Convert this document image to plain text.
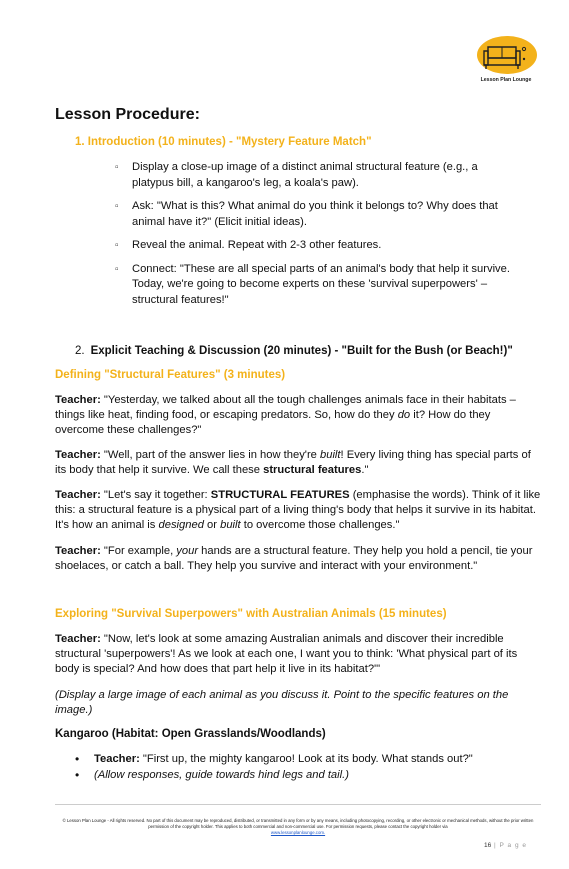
Lesson Plan Lounge
Lesson Procedure:
1. Introduction (10 minutes) - "Mystery Feature Match"
▫ Display a close-up image of a distinct animal structural feature (e.g., a platypus bill, a kangaroo's leg, a koala's paw).
▫ Ask: "What is this? What animal do you think it belongs to? Why does that animal have it?" (Elicit initial ideas).
▫ Reveal the animal. Repeat with 2-3 other features.
▫ Connect: "These are all special parts of an animal's body that help it survive. Today, we're going to become experts on these 'survival superpowers' – structural features!"
2. Explicit Teaching & Discussion (20 minutes) - "Built for the Bush (or Beach!)"
Defining "Structural Features" (3 minutes)
Teacher: "Yesterday, we talked about all the tough challenges animals face in their habitats – things like heat, finding food, or escaping predators. So, how do they do it? How do they overcome these challenges?"
Teacher: "Well, part of the answer lies in how they're built! Every living thing has special parts of its body that help it survive. We call these structural features."
Teacher: "Let's say it together: STRUCTURAL FEATURES (emphasise the words). Think of it like this: a structural feature is a physical part of a living thing's body that helps it survive in its habitat. It's how an animal is designed or built to overcome those challenges."
Teacher: "For example, your hands are a structural feature. They help you hold a pencil, tie your shoelaces, or catch a ball. They help you survive and interact with your environment."
Exploring "Survival Superpowers" with Australian Animals (15 minutes)
Teacher: "Now, let's look at some amazing Australian animals and discover their incredible structural 'superpowers'! As we look at each one, I want you to think: 'What physical part of its body is special? And how does that part help it live in its habitat?'"
(Display a large image of each animal as you discuss it. Point to the specific features on the image.)
Kangaroo (Habitat: Open Grasslands/Woodlands)
• Teacher: "First up, the mighty kangaroo! Look at its body. What stands out?"
• (Allow responses, guide towards hind legs and tail.)
© Lesson Plan Lounge - All rights reserved. No part of this document may be reproduced, distributed, or transmitted in any form or by any means, including photocopying, recording, or other electronic or mechanical methods, without the prior written permission of the copyright holder. This applies to both commercial and non-commercial use. For permission requests, please contact the copyright holder via
www.lessonplanlounge.com.
16 | P a g e
